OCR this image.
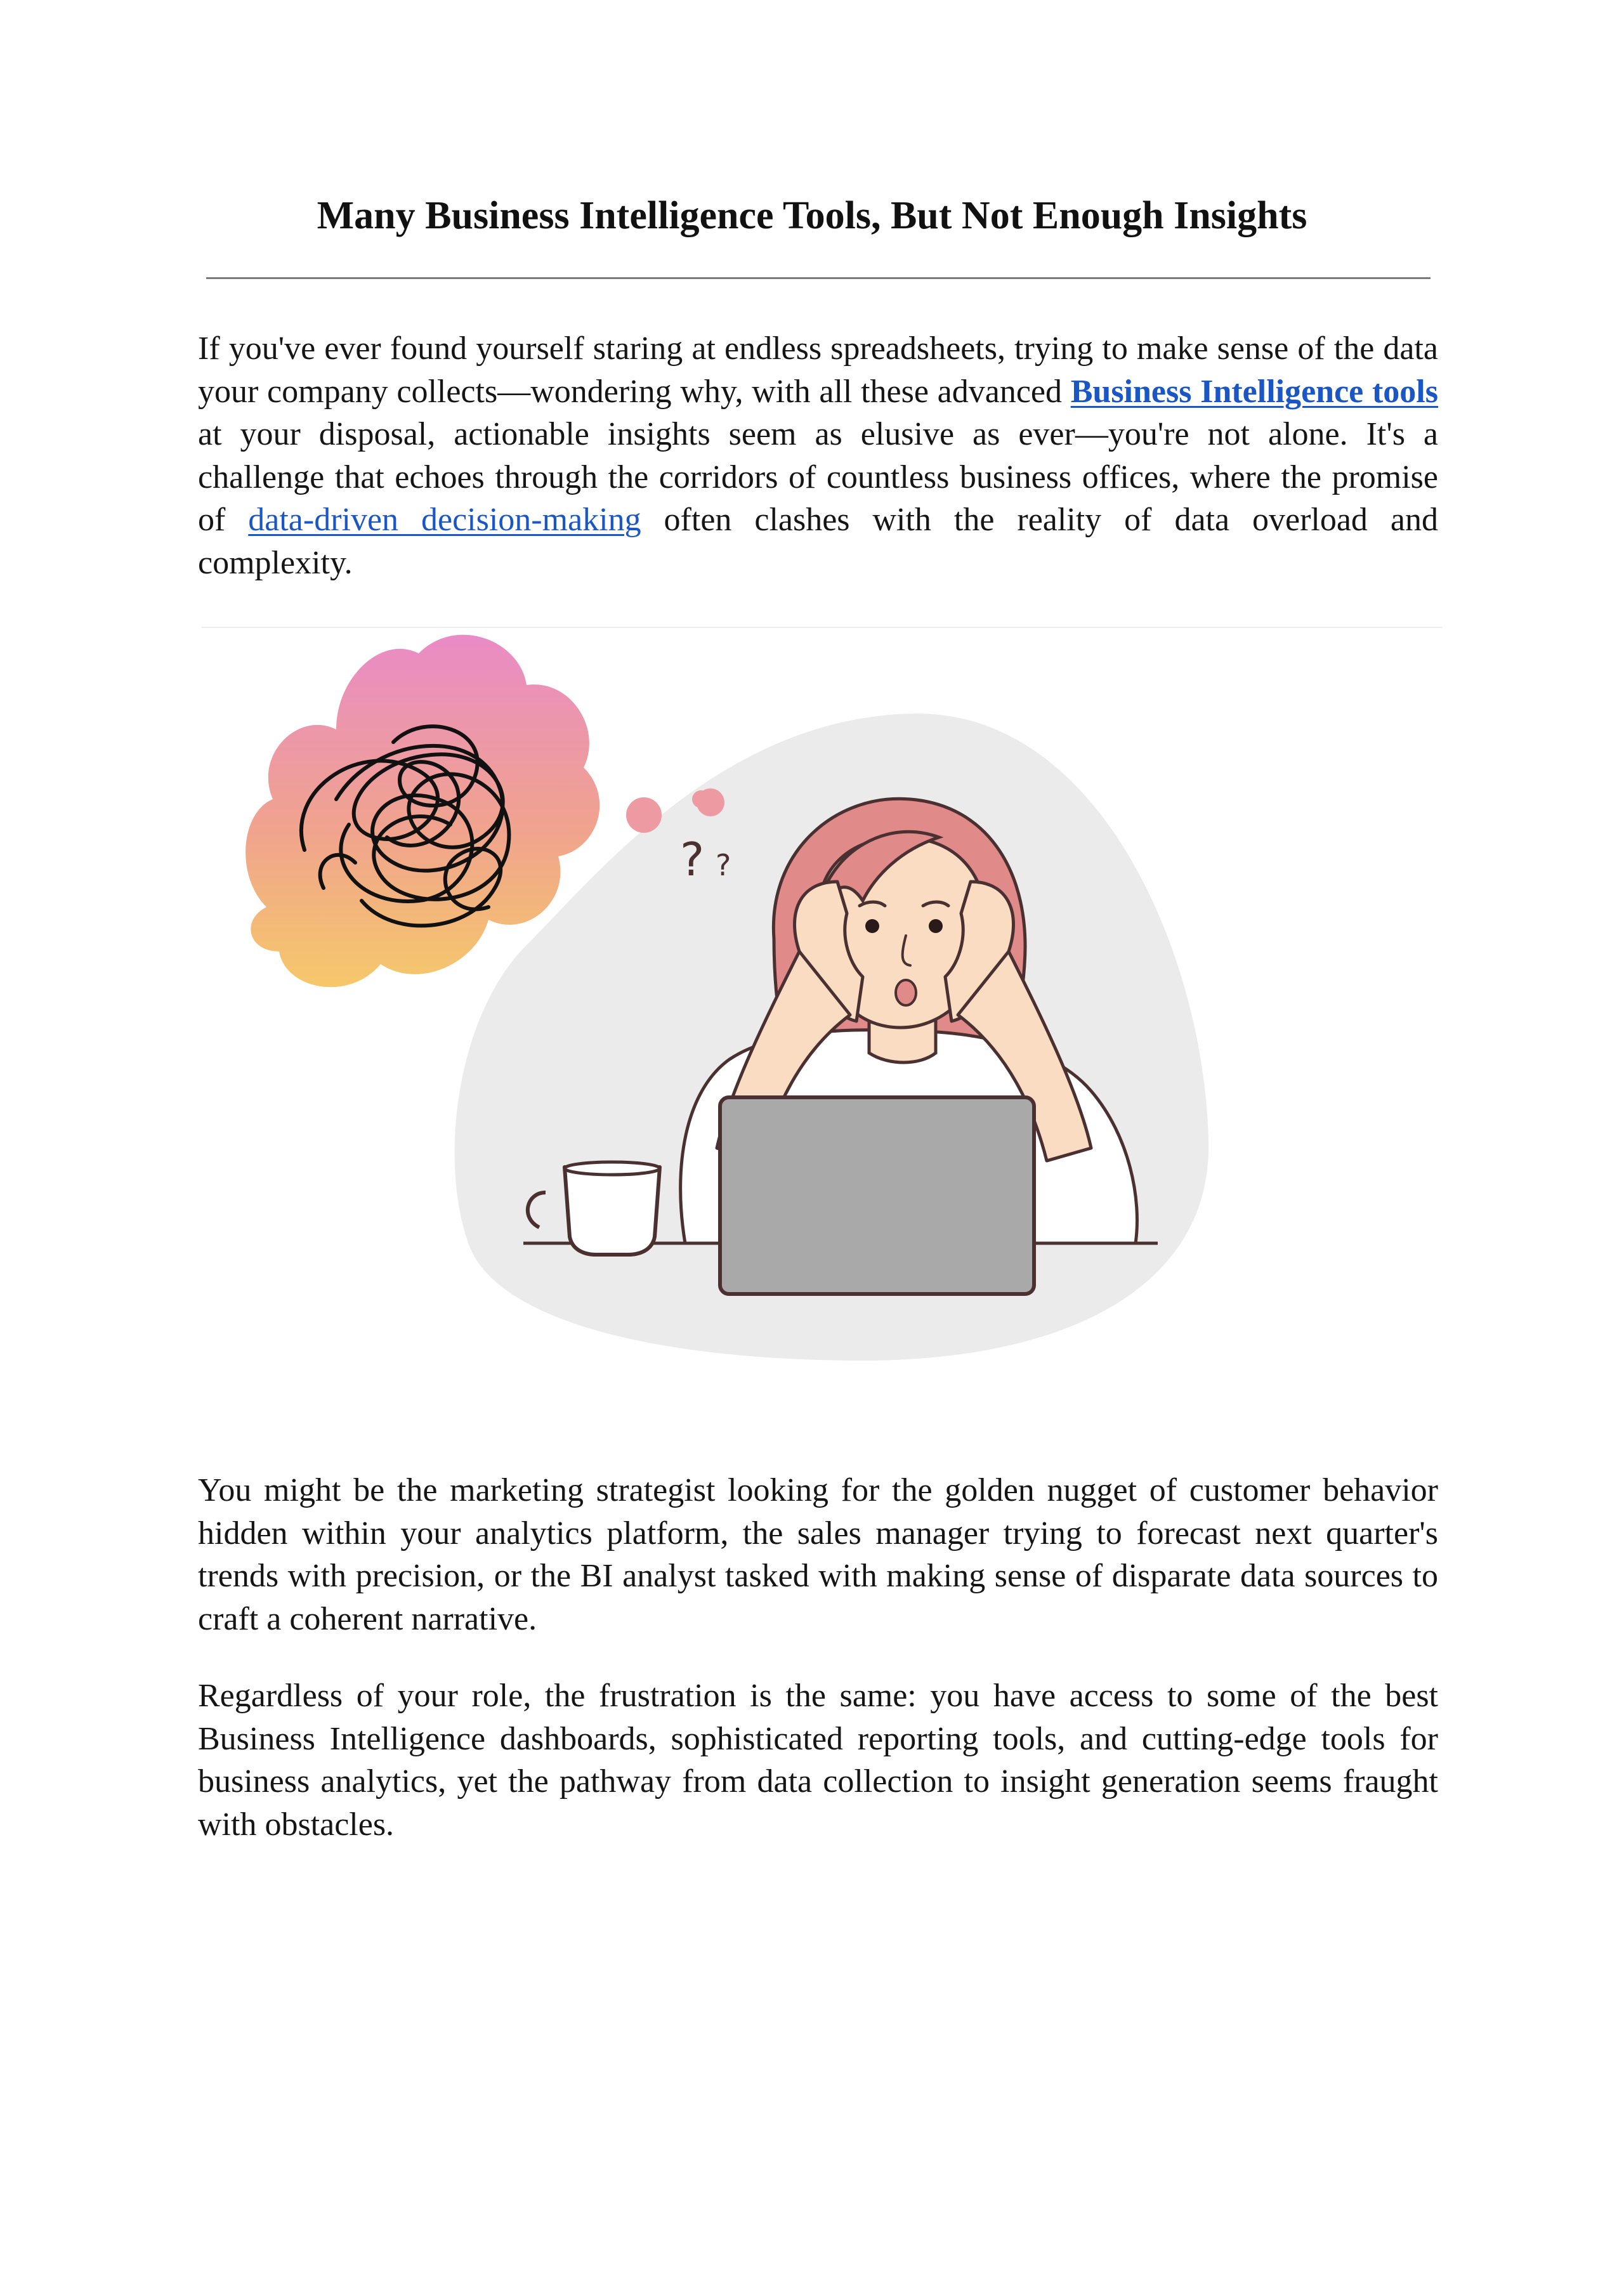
Many Business Intelligence Tools, But Not Enough Insights

If you've ever found yourself staring at endless spreadsheets, trying to make sense of the data your company collects—wondering why, with all these advanced Business Intelligence tools at your disposal, actionable insights seem as elusive as ever—you're not alone. It's a challenge that echoes through the corridors of countless business offices, where the promise of data-driven decision-making often clashes with the reality of data overload and complexity.

? ?

You might be the marketing strategist looking for the golden nugget of customer behavior hidden within your analytics platform, the sales manager trying to forecast next quarter's trends with precision, or the BI analyst tasked with making sense of disparate data sources to craft a coherent narrative.

Regardless of your role, the frustration is the same: you have access to some of the best Business Intelligence dashboards, sophisticated reporting tools, and cutting-edge tools for business analytics, yet the pathway from data collection to insight generation seems fraught with obstacles.
